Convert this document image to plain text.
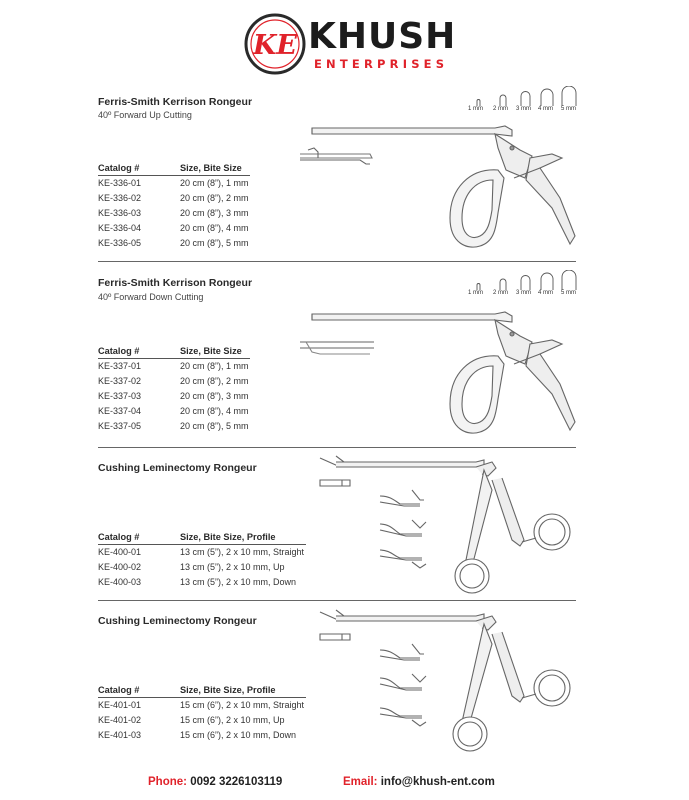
KE KHUSH
ENTERPRISES
Ferris-Smith Kerrison Rongeur
40º Forward Up Cutting
Catalog #	Size, Bite Size
KE-336-01	20 cm (8”), 1 mm
KE-336-02	20 cm (8”), 2 mm
KE-336-03	20 cm (8”), 3 mm
KE-336-04	20 cm (8”), 4 mm
KE-336-05	20 cm (8”), 5 mm
1 mm 2 mm 3 mm 4 mm 5 mm
Ferris-Smith Kerrison Rongeur
40º Forward Down Cutting
Catalog #	Size, Bite Size
KE-337-01	20 cm (8”), 1 mm
KE-337-02	20 cm (8”), 2 mm
KE-337-03	20 cm (8”), 3 mm
KE-337-04	20 cm (8”), 4 mm
KE-337-05	20 cm (8”), 5 mm
1 mm 2 mm 3 mm 4 mm 5 mm
Cushing Leminectomy Rongeur
Catalog #	Size, Bite Size, Profile
KE-400-01	13 cm (5”), 2 x 10 mm, Straight
KE-400-02	13 cm (5”), 2 x 10 mm, Up
KE-400-03	13 cm (5”), 2 x 10 mm, Down
Cushing Leminectomy Rongeur
Catalog #	Size, Bite Size, Profile
KE-401-01	15 cm (6”), 2 x 10 mm, Straight
KE-401-02	15 cm (6”), 2 x 10 mm, Up
KE-401-03	15 cm (6”), 2 x 10 mm, Down
Phone: 0092 3226103119	Email: info@khush-ent.com
